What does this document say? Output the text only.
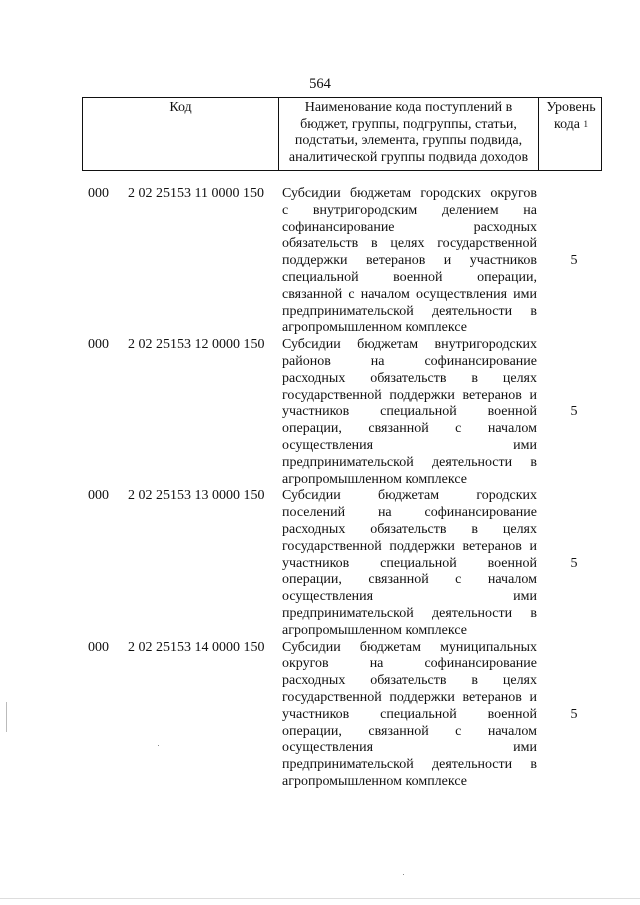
564
Код	Наименование кода поступлений в
бюджет, группы, подгруппы, статьи,
подстатьи, элемента, группы подвида,
аналитической группы подвида доходов
Уровень
кода $^1$
000 2 02 25153 11 0000 150 Субсидии бюджетам городских округов
с внутригородским делением на
софинансирование расходных
обязательств в целях государственной
поддержки ветеранов и участников
специальной военной операции,
связанной с началом осуществления ими
предпринимательской деятельности в
агропромышленном комплексе
5
000 2 02 25153 12 0000 150 Субсидии бюджетам внутригородских
районов на софинансирование
расходных обязательств в целях
государственной поддержки ветеранов и
участников специальной военной
операции, связанной с началом
осуществления ими
предпринимательской деятельности в
агропромышленном комплексе
5
000 2 02 25153 13 0000 150 Субсидии бюджетам городских
поселений на софинансирование
расходных обязательств в целях
государственной поддержки ветеранов и
участников специальной военной
операции, связанной с началом
осуществления ими
предпринимательской деятельности в
агропромышленном комплексе
5
000 2 02 25153 14 0000 150 Субсидии бюджетам муниципальных
округов на софинансирование
расходных обязательств в целях
государственной поддержки ветеранов и
участников специальной военной
операции, связанной с началом
осуществления ими
предпринимательской деятельности в
агропромышленном комплексе
5
